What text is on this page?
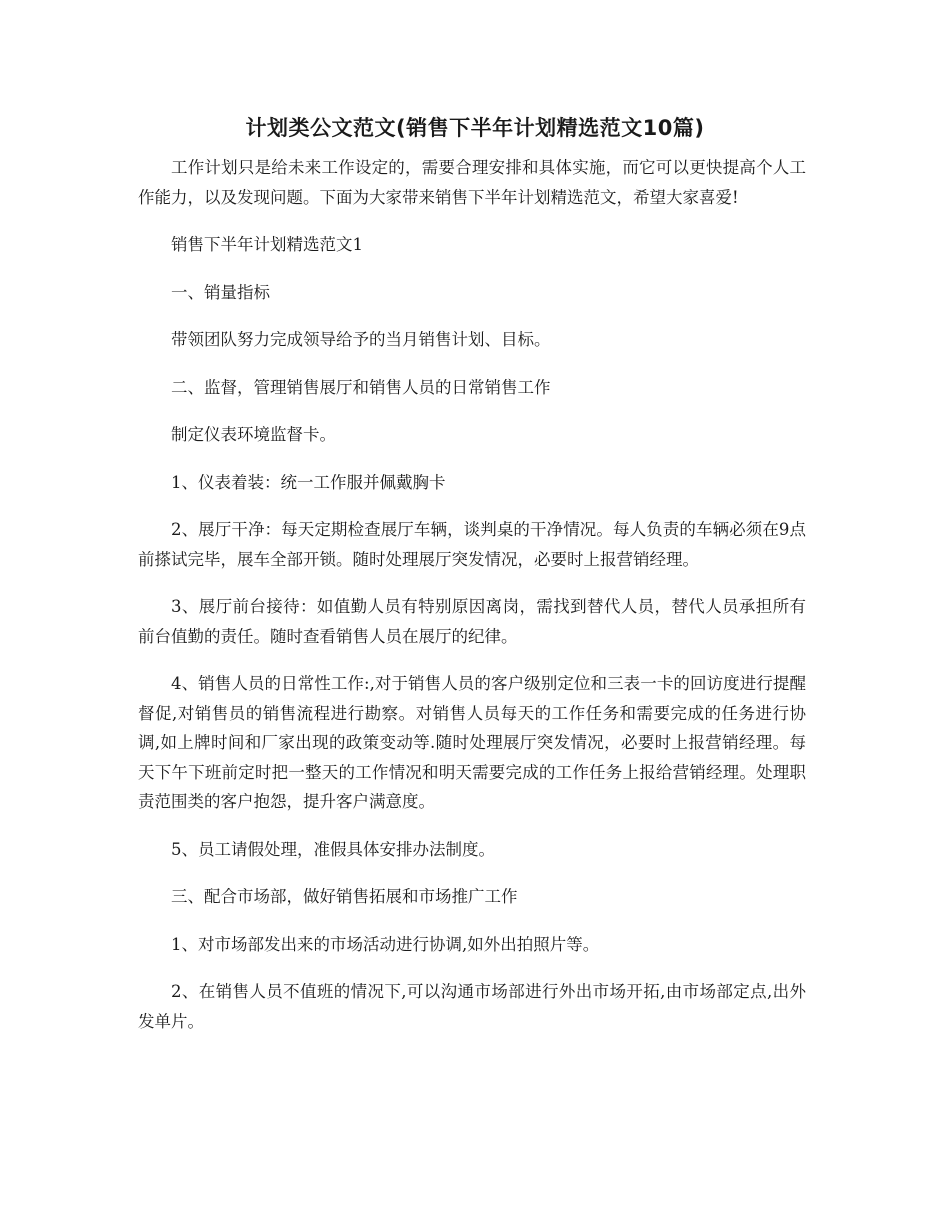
计划类公文范文(销售下半年计划精选范文10篇)

工作计划只是给未来工作设定的，需要合理安排和具体实施，而它可以更快提高个人工作能力，以及发现问题。下面为大家带来销售下半年计划精选范文，希望大家喜爱!

销售下半年计划精选范文1

一、销量指标

带领团队努力完成领导给予的当月销售计划、目标。

二、监督，管理销售展厅和销售人员的日常销售工作

制定仪表环境监督卡。

1、仪表着装：统一工作服并佩戴胸卡

2、展厅干净：每天定期检查展厅车辆，谈判桌的干净情况。每人负责的车辆必须在9点前搽试完毕，展车全部开锁。随时处理展厅突发情况，必要时上报营销经理。

3、展厅前台接待：如值勤人员有特别原因离岗，需找到替代人员，替代人员承担所有前台值勤的责任。随时查看销售人员在展厅的纪律。

4、销售人员的日常性工作:,对于销售人员的客户级别定位和三表一卡的回访度进行提醒督促,对销售员的销售流程进行勘察。对销售人员每天的工作任务和需要完成的任务进行协调,如上牌时间和厂家出现的政策变动等.随时处理展厅突发情况，必要时上报营销经理。每天下午下班前定时把一整天的工作情况和明天需要完成的工作任务上报给营销经理。处理职责范围类的客户抱怨，提升客户满意度。

5、员工请假处理，准假具体安排办法制度。

三、配合市场部，做好销售拓展和市场推广工作

1、对市场部发出来的市场活动进行协调,如外出拍照片等。

2、在销售人员不值班的情况下,可以沟通市场部进行外出市场开拓,由市场部定点,出外发单片。
